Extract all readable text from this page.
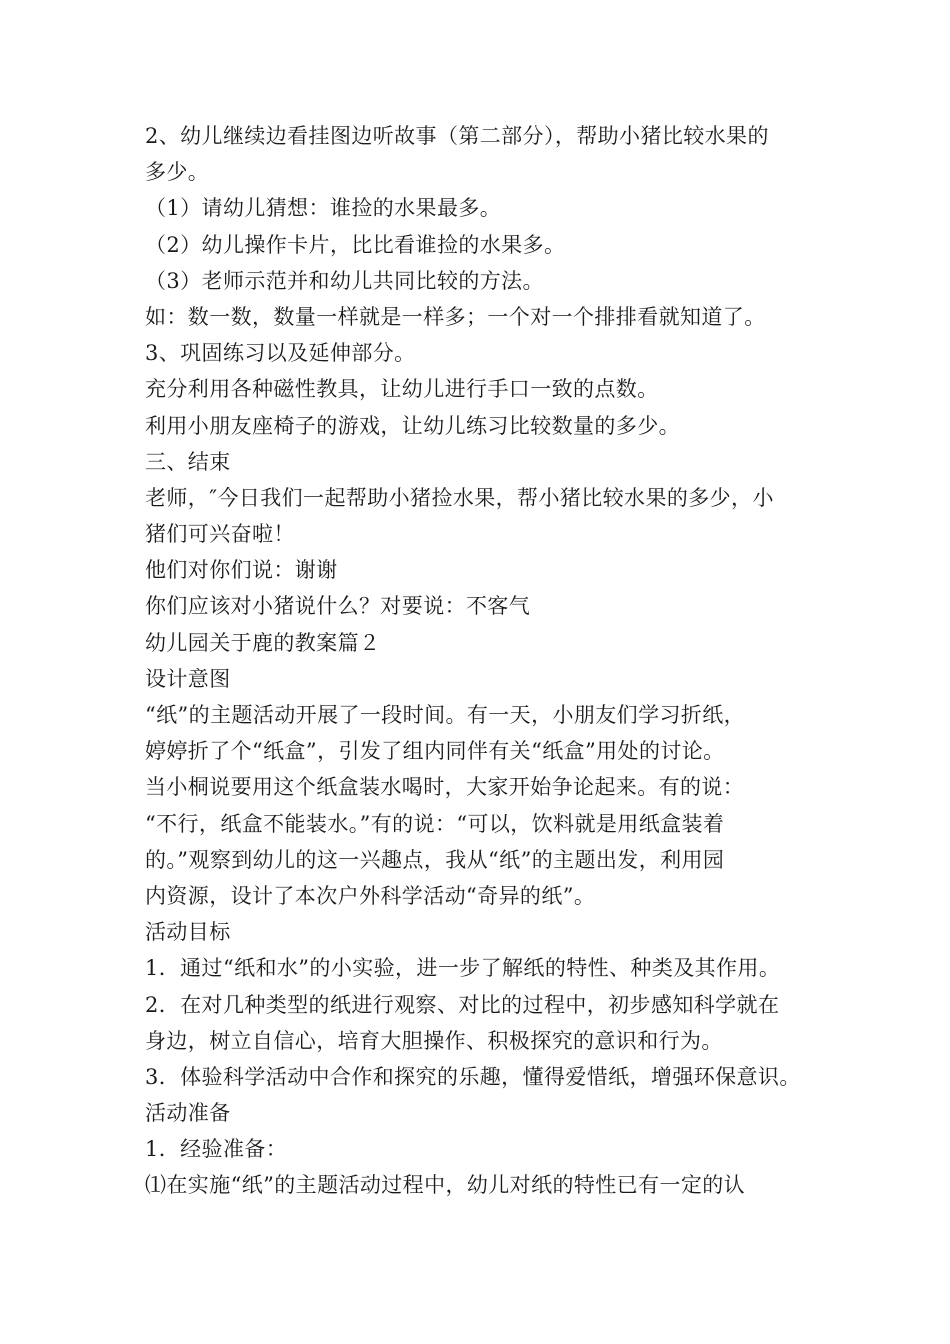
2、幼儿继续边看挂图边听故事（第二部分），帮助小猪比较水果的
多少。
（1）请幼儿猜想：谁捡的水果最多。
（2）幼儿操作卡片，比比看谁捡的水果多。
（3）老师示范并和幼儿共同比较的方法。
如：数一数，数量一样就是一样多；一个对一个排排看就知道了。
3、巩固练习以及延伸部分。
充分利用各种磁性教具，让幼儿进行手口一致的点数。
利用小朋友座椅子的游戏，让幼儿练习比较数量的多少。
三、结束
老师，″今日我们一起帮助小猪捡水果，帮小猪比较水果的多少，小
猪们可兴奋啦！
他们对你们说：谢谢
你们应该对小猪说什么？对要说：不客气
幼儿园关于鹿的教案篇２
设计意图
“纸”的主题活动开展了一段时间。有一天，小朋友们学习折纸，
婷婷折了个“纸盒”，引发了组内同伴有关“纸盒”用处的讨论。
当小桐说要用这个纸盒装水喝时，大家开始争论起来。有的说：
“不行，纸盒不能装水。”有的说：“可以，饮料就是用纸盒装着
的。”观察到幼儿的这一兴趣点，我从“纸”的主题出发，利用园
内资源，设计了本次户外科学活动“奇异的纸”。
活动目标
1．通过“纸和水”的小实验，进一步了解纸的特性、种类及其作用。
2．在对几种类型的纸进行观察、对比的过程中，初步感知科学就在
身边，树立自信心，培育大胆操作、积极探究的意识和行为。
3．体验科学活动中合作和探究的乐趣，懂得爱惜纸，增强环保意识。
活动准备
1．经验准备：
⑴在实施“纸”的主题活动过程中，幼儿对纸的特性已有一定的认
